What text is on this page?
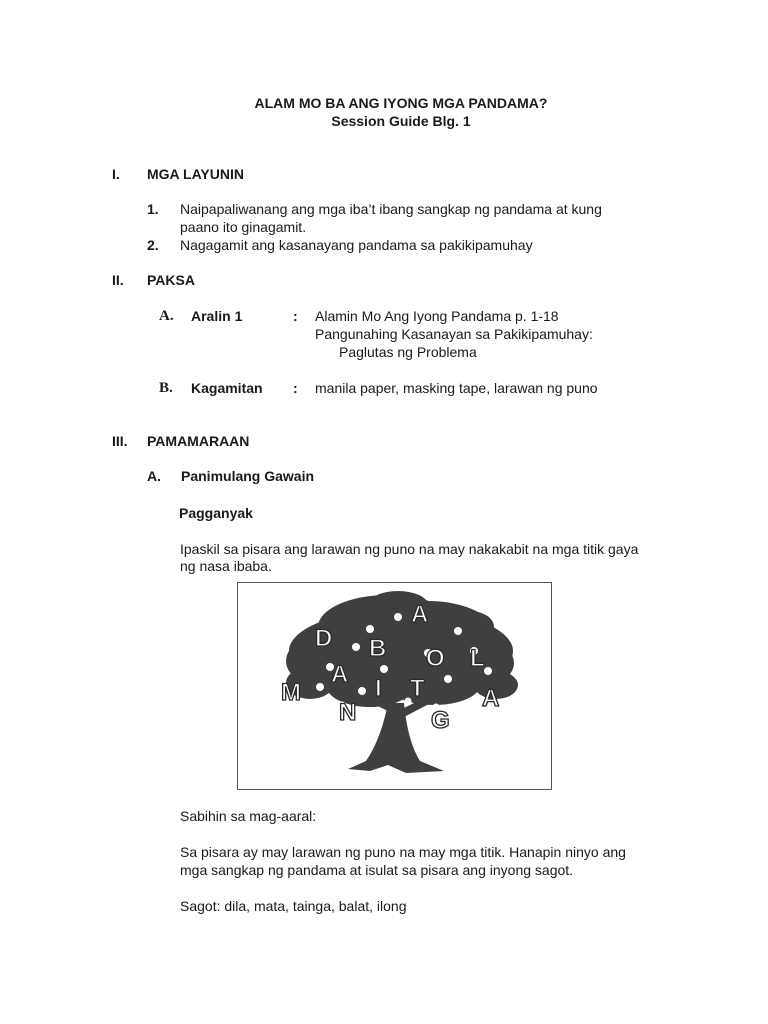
ALAM MO BA ANG IYONG MGA PANDAMA?
Session Guide Blg. 1
I. MGA LAYUNIN
1. Naipapaliwanang ang mga iba’t ibang sangkap ng pandama at kung
paano ito ginagamit.
2. Nagagamit ang kasanayang pandama sa pakikipamuhay
II. PAKSA
A. Aralin 1	: Alamin Mo Ang Iyong Pandama p. 1-18
Pangunahing Kasanayan sa Pakikipamuhay:
Paglutas ng Problema
B. Kagamitan : manila paper, masking tape, larawan ng puno
III. PAMAMARAAN
A. Panimulang Gawain
Pagganyak
Ipaskil sa pisara ang larawan ng puno na may nakakabit na mga titik gaya
ng nasa ibaba.
A
D B O L
A
M	I T A
N	G
Sabihin sa mag-aaral:
Sa pisara ay may larawan ng puno na may mga titik. Hanapin ninyo ang
mga sangkap ng pandama at isulat sa pisara ang inyong sagot.
Sagot: dila, mata, tainga, balat, ilong
